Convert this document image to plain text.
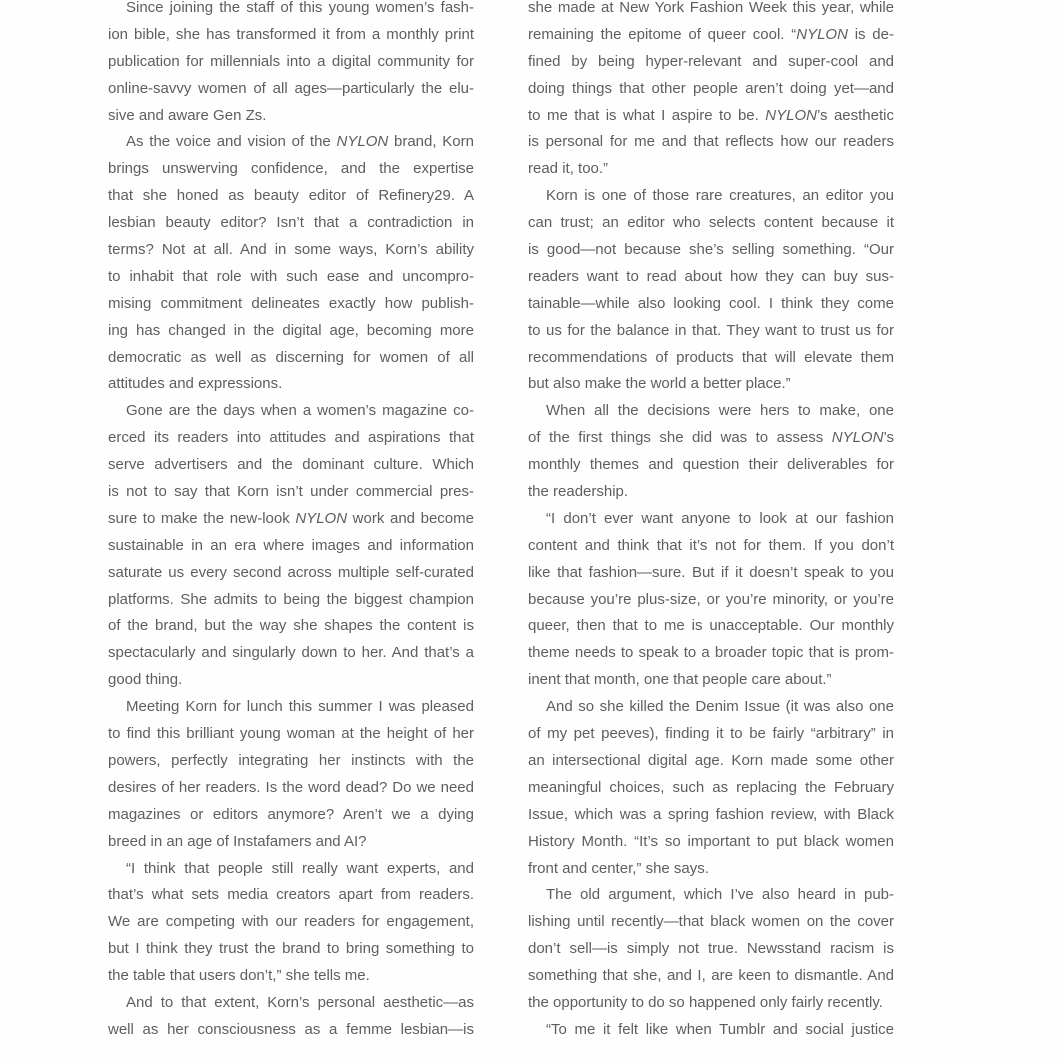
Since joining the staff of this young women’s fash-
ion bible, she has transformed it from a monthly print
publication for millennials into a digital community for
online-savvy women of all ages—particularly the elu-
sive and aware Gen Zs.
As the voice and vision of the NYLON brand, Korn
brings unswerving confidence, and the expertise
that she honed as beauty editor of Refinery29. A
lesbian beauty editor? Isn’t that a contradiction in
terms? Not at all. And in some ways, Korn’s ability
to inhabit that role with such ease and uncompro-
mising commitment delineates exactly how publish-
ing has changed in the digital age, becoming more
democratic as well as discerning for women of all
attitudes and expressions.
Gone are the days when a women’s magazine co-
erced its readers into attitudes and aspirations that
serve advertisers and the dominant culture. Which
is not to say that Korn isn’t under commercial pres-
sure to make the new-look NYLON work and become
sustainable in an era where images and information
saturate us every second across multiple self-curated
platforms. She admits to being the biggest champion
of the brand, but the way she shapes the content is
spectacularly and singularly down to her. And that’s a
good thing.
Meeting Korn for lunch this summer I was pleased
to find this brilliant young woman at the height of her
powers, perfectly integrating her instincts with the
desires of her readers. Is the word dead? Do we need
magazines or editors anymore? Aren’t we a dying
breed in an age of Instafamers and AI?
“I think that people still really want experts, and
that’s what sets media creators apart from readers.
We are competing with our readers for engagement,
but I think they trust the brand to bring something to
the table that users don’t,” she tells me.
And to that extent, Korn’s personal aesthetic—as
well as her consciousness as a femme lesbian—is
she made at New York Fashion Week this year, while
remaining the epitome of queer cool. “NYLON is de-
fined by being hyper-relevant and super-cool and
doing things that other people aren’t doing yet—and
to me that is what I aspire to be. NYLON’s aesthetic
is personal for me and that reflects how our readers
read it, too.”
Korn is one of those rare creatures, an editor you
can trust; an editor who selects content because it
is good—not because she’s selling something. “Our
readers want to read about how they can buy sus-
tainable—while also looking cool. I think they come
to us for the balance in that. They want to trust us for
recommendations of products that will elevate them
but also make the world a better place.”
When all the decisions were hers to make, one
of the first things she did was to assess NYLON’s
monthly themes and question their deliverables for
the readership.
“I don’t ever want anyone to look at our fashion
content and think that it’s not for them. If you don’t
like that fashion—sure. But if it doesn’t speak to you
because you’re plus-size, or you’re minority, or you’re
queer, then that to me is unacceptable. Our monthly
theme needs to speak to a broader topic that is prom-
inent that month, one that people care about.”
And so she killed the Denim Issue (it was also one
of my pet peeves), finding it to be fairly “arbitrary” in
an intersectional digital age. Korn made some other
meaningful choices, such as replacing the February
Issue, which was a spring fashion review, with Black
History Month. “It’s so important to put black women
front and center,” she says.
The old argument, which I’ve also heard in pub-
lishing until recently—that black women on the cover
don’t sell—is simply not true. Newsstand racism is
something that she, and I, are keen to dismantle. And
the opportunity to do so happened only fairly recently.
“To me it felt like when Tumblr and social justice
